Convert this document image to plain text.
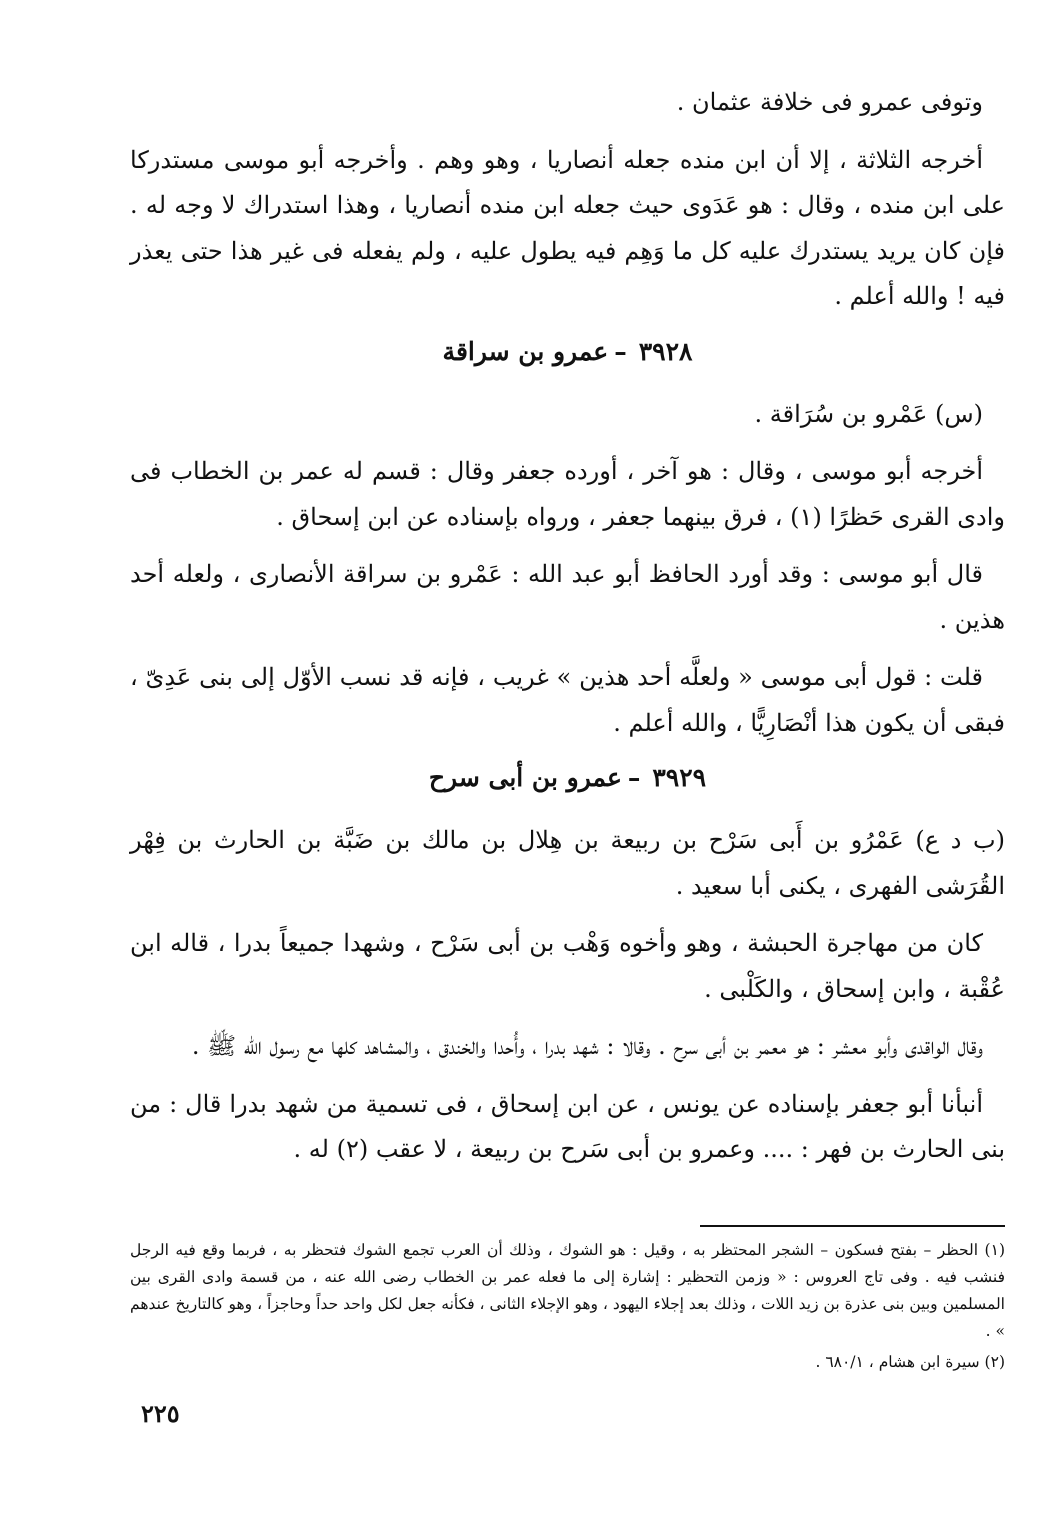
وتوفى عمرو فى خلافة عثمان .

أخرجه الثلاثة ، إلا أن ابن منده جعله أنصاريا ، وهو وهم . وأخرجه أبو موسى مستدركا على ابن منده ، وقال : هو عَدَوى حيث جعله ابن منده أنصاريا ، وهذا استدراك لا وجه له . فإن كان يريد يستدرك عليه كل ما وَهِم فيه يطول عليه ، ولم يفعله فى غير هذا حتى يعذر فيه ! والله أعلم .

٣٩٢٨–عمرو بن سراقة

(س) عَمْرو بن سُرَاقة .

أخرجه أبو موسى ، وقال : هو آخر ، أورده جعفر وقال : قسم له عمر بن الخطاب فى وادى القرى حَظرًا (١) ، فرق بينهما جعفر ، ورواه بإسناده عن ابن إسحاق .

قال أبو موسى : وقد أورد الحافظ أبو عبد الله : عَمْرو بن سراقة الأنصارى ، ولعله أحد هذين .

قلت : قول أبى موسى « ولعلَّه أحد هذين » غريب ، فإنه قد نسب الأوّل إلى بنى عَدِىّ ، فبقى أن يكون هذا أنْصَارِيًّا ، والله أعلم .

٣٩٢٩–عمرو بن أبى سرح

(ب د ع) عَمْرُو بن أَبى سَرْح بن ربيعة بن هِلال بن مالك بن ضَبَّة بن الحارث بن فِهْر القُرَشى الفهرى ، يكنى أبا سعيد .

كان من مهاجرة الحبشة ، وهو وأخوه وَهْب بن أبى سَرْح ، وشهدا جميعاً بدرا ، قاله ابن عُقْبة ، وابن إسحاق ، والكَلْبى .

وقال الواقدى وأبو معشر : هو معمر بن أبى سرح . وقالا : شهد بدرا ، وأُحدا والخندق ، والمشاهد كلها مع رسول الله ﷺ .

أنبأنا أبو جعفر بإسناده عن يونس ، عن ابن إسحاق ، فى تسمية من شهد بدرا قال : من بنى الحارث بن فهر : .... وعمرو بن أبى سَرح بن ربيعة ، لا عقب (٢) له .

(١) الحظر – بفتح فسكون – الشجر المحتظر به ، وقيل : هو الشوك ، وذلك أن العرب تجمع الشوك فتحظر به ، فربما وقع فيه الرجل فنشب فيه . وفى تاج العروس : « وزمن التحظير : إشارة إلى ما فعله عمر بن الخطاب رضى الله عنه ، من قسمة وادى القرى بين المسلمين وبين بنى عذرة بن زيد اللات ، وذلك بعد إجلاء اليهود ، وهو الإجلاء الثانى ، فكأنه جعل لكل واحد حداً وحاجزاً ، وهو كالتاريخ عندهم » .

(٢) سيرة ابن هشام ، ٦٨٠/١ .

٢٢٥
